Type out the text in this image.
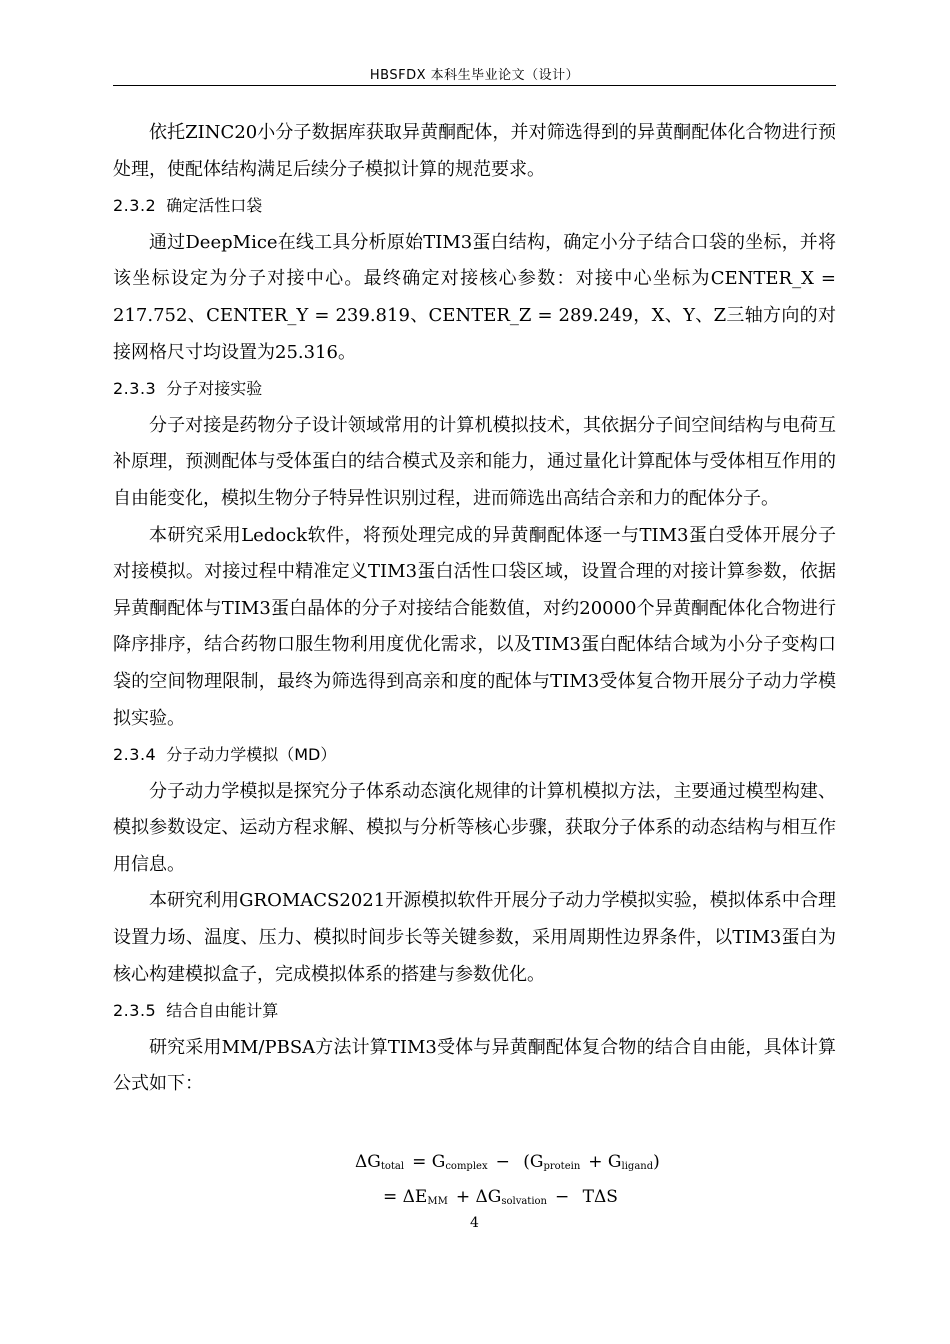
HBSFDX 本科生毕业论文（设计）

依托ZINC20小分子数据库获取异黄酮配体，并对筛选得到的异黄酮配体化合物进行预处理，使配体结构满足后续分子模拟计算的规范要求。

2.3.2 确定活性口袋

通过DeepMice在线工具分析原始TIM3蛋白结构，确定小分子结合口袋的坐标，并将该坐标设定为分子对接中心。最终确定对接核心参数：对接中心坐标为CENTER_X = 217.752、CENTER_Y = 239.819、CENTER_Z = 289.249，X、Y、Z三轴方向的对接网格尺寸均设置为25.316。

2.3.3 分子对接实验

分子对接是药物分子设计领域常用的计算机模拟技术，其依据分子间空间结构与电荷互补原理，预测配体与受体蛋白的结合模式及亲和能力，通过量化计算配体与受体相互作用的自由能变化，模拟生物分子特异性识别过程，进而筛选出高结合亲和力的配体分子。

本研究采用Ledock软件，将预处理完成的异黄酮配体逐一与TIM3蛋白受体开展分子对接模拟。对接过程中精准定义TIM3蛋白活性口袋区域，设置合理的对接计算参数，依据异黄酮配体与TIM3蛋白晶体的分子对接结合能数值，对约20000个异黄酮配体化合物进行降序排序，结合药物口服生物利用度优化需求，以及TIM3蛋白配体结合域为小分子变构口袋的空间物理限制，最终为筛选得到高亲和度的配体与TIM3受体复合物开展分子动力学模拟实验。

2.3.4 分子动力学模拟（MD）

分子动力学模拟是探究分子体系动态演化规律的计算机模拟方法，主要通过模型构建、模拟参数设定、运动方程求解、模拟与分析等核心步骤，获取分子体系的动态结构与相互作用信息。

本研究利用GROMACS2021开源模拟软件开展分子动力学模拟实验，模拟体系中合理设置力场、温度、压力、模拟时间步长等关键参数，采用周期性边界条件，以TIM3蛋白为核心构建模拟盒子，完成模拟体系的搭建与参数优化。

2.3.5 结合自由能计算

研究采用MM/PBSA方法计算TIM3受体与异黄酮配体复合物的结合自由能，具体计算公式如下：

$\Delta G_{total} = G_{complex} - (G_{protein} + G_{ligand})$
= $\Delta E_{MM} + \Delta G_{solvation} - T\Delta S$
4
